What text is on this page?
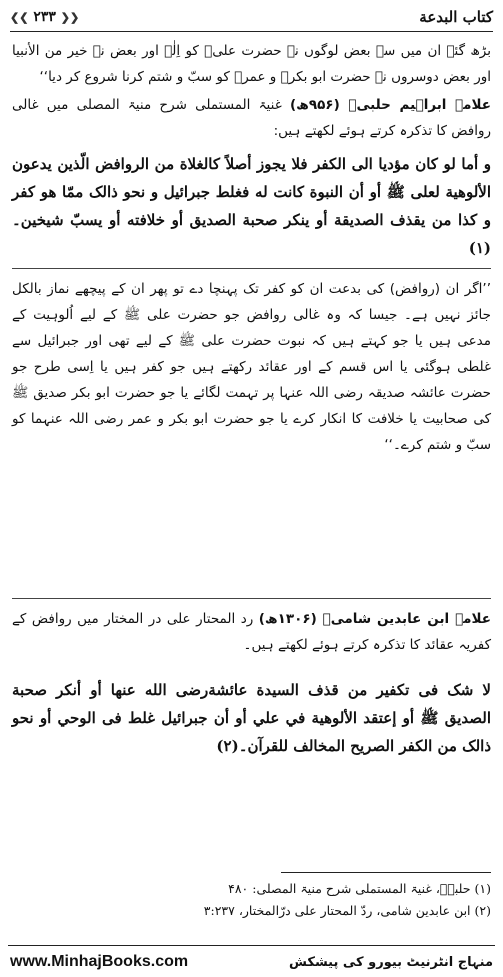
❮❮ ۲۳۳ ❯❯	كتاب البدعة
بڑھ گئے ان میں سے بعض لوگوں نے حضرت علیؑ کو اِلٰہ اور بعض نے خیر من الأنبیا اور بعض دوسروں نے حضرت ابو بکرؓ و عمرؓ کو سبّ و شتم کرنا شروع کر دیا‘‘
علامہ ابراہیم حلبیؒ (۹۵۶ھ) غنیۃ المستملی شرح منیۃ المصلی میں غالی روافض کا تذکرہ کرتے ہوئے لکھتے ہیں:
و أما لو كان مؤديا الى الكفر فلا يجوز أصلاً كالغلاة من الروافض الّذين يدعون الألوهية لعلى ﷺ أو أن النبوة كانت له فغلط جبرائيل و نحو ذالک ممّا هو كفر و كذا من يقذف الصديقة أو ينكر صحبة الصديق أو خلافته أو يسبّ شيخين۔(۱)
’’اگر ان (روافض) کی بدعت ان کو کفر تک پہنچا دے تو پھر ان کے پیچھے نماز بالکل جائز نہیں ہے۔ جیسا کہ وہ غالی روافض جو حضرت علی ﷺ کے لیے اُلوہیت کے مدعی ہیں یا جو کہتے ہیں کہ نبوت حضرت علی ﷺ کے لیے تھی اور جبرائیل سے غلطی ہوگئی یا اس قسم کے اور عقائد رکھتے ہیں جو کفر ہیں یا اِسی طرح جو حضرت عائشہ صدیقہ رضی اللہ عنہا پر تہمت لگائے یا جو حضرت ابو بکر صدیق ﷺ کی صحابیت یا خلافت کا انکار کرے یا جو حضرت ابو بکر و عمر رضی اللہ عنہما کو سبّ و شتم کرے۔‘‘
علامہ ابن عابدین شامیؒ (۱۳۰۶ھ) رد المحتار علی در المختار میں روافض کے کفریہ عقائد کا تذکرہ کرتے ہوئے لکھتے ہیں۔
لا شک فى تكفير من قذف السيدة عائشةرضى الله عنها أو أنكر صحبة الصديق ﷺ أو إعتقد الألوهية في علي أو أن جبرائيل غلط فى الوحي أو نحو ذالک من الكفر الصريح المخالف للقرآن۔(۲)
(۱) حلبیؒ، غنیۃ المستملی شرح منیۃ المصلی: ۴۸۰
(۲) ابن عابدین شامی، ردّ المحتار علی درّالمختار، ۳:۲۳۷
www.MinhajBooks.com	منہاج انٹرنیٹ بیورو کی پیشکش
